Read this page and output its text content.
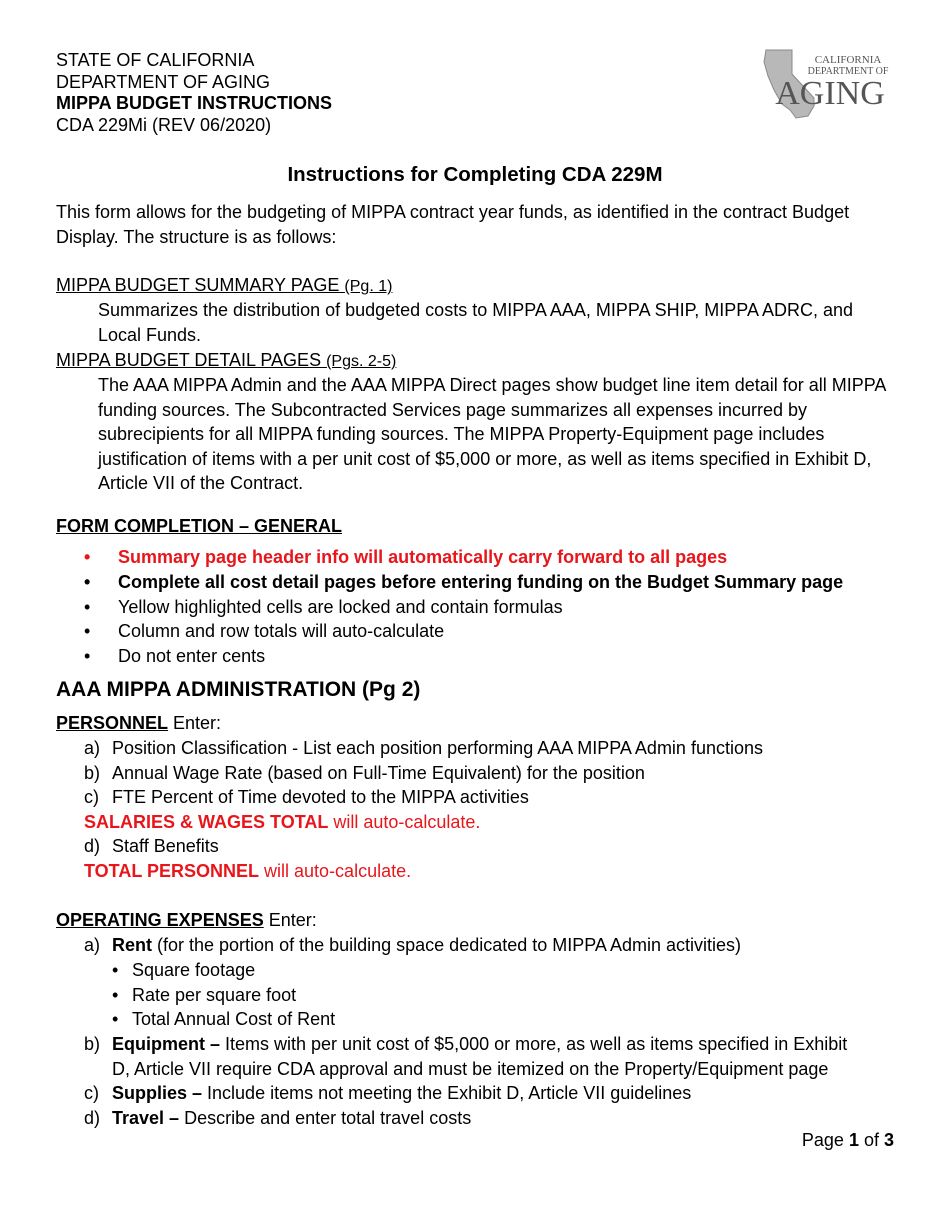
STATE OF CALIFORNIA
DEPARTMENT OF AGING
MIPPA BUDGET INSTRUCTIONS
CDA 229Mi (REV 06/2020)
CALIFORNIA
DEPARTMENT OF
AGING
Instructions for Completing CDA 229M
This form allows for the budgeting of MIPPA contract year funds, as identified in the contract Budget Display. The structure is as follows:
MIPPA BUDGET SUMMARY PAGE (Pg. 1)
Summarizes the distribution of budgeted costs to MIPPA AAA, MIPPA SHIP, MIPPA ADRC, and Local Funds.
MIPPA BUDGET DETAIL PAGES (Pgs. 2-5)
The AAA MIPPA Admin and the AAA MIPPA Direct pages show budget line item detail for all MIPPA funding sources. The Subcontracted Services page summarizes all expenses incurred by subrecipients for all MIPPA funding sources. The MIPPA Property-Equipment page includes justification of items with a per unit cost of $5,000 or more, as well as items specified in Exhibit D, Article VII of the Contract.
FORM COMPLETION – GENERAL
• Summary page header info will automatically carry forward to all pages
• Complete all cost detail pages before entering funding on the Budget Summary page
• Yellow highlighted cells are locked and contain formulas
• Column and row totals will auto-calculate
• Do not enter cents
AAA MIPPA ADMINISTRATION (Pg 2)
PERSONNEL Enter:
a) Position Classification - List each position performing AAA MIPPA Admin functions
b) Annual Wage Rate (based on Full-Time Equivalent) for the position
c) FTE Percent of Time devoted to the MIPPA activities
SALARIES & WAGES TOTAL will auto-calculate.
d) Staff Benefits
TOTAL PERSONNEL will auto-calculate.
OPERATING EXPENSES Enter:
a) Rent (for the portion of the building space dedicated to MIPPA Admin activities)
• Square footage
• Rate per square foot
• Total Annual Cost of Rent
b) Equipment – Items with per unit cost of $5,000 or more, as well as items specified in Exhibit
D, Article VII require CDA approval and must be itemized on the Property/Equipment page
c) Supplies – Include items not meeting the Exhibit D, Article VII guidelines
d) Travel – Describe and enter total travel costs
Page 1 of 3
